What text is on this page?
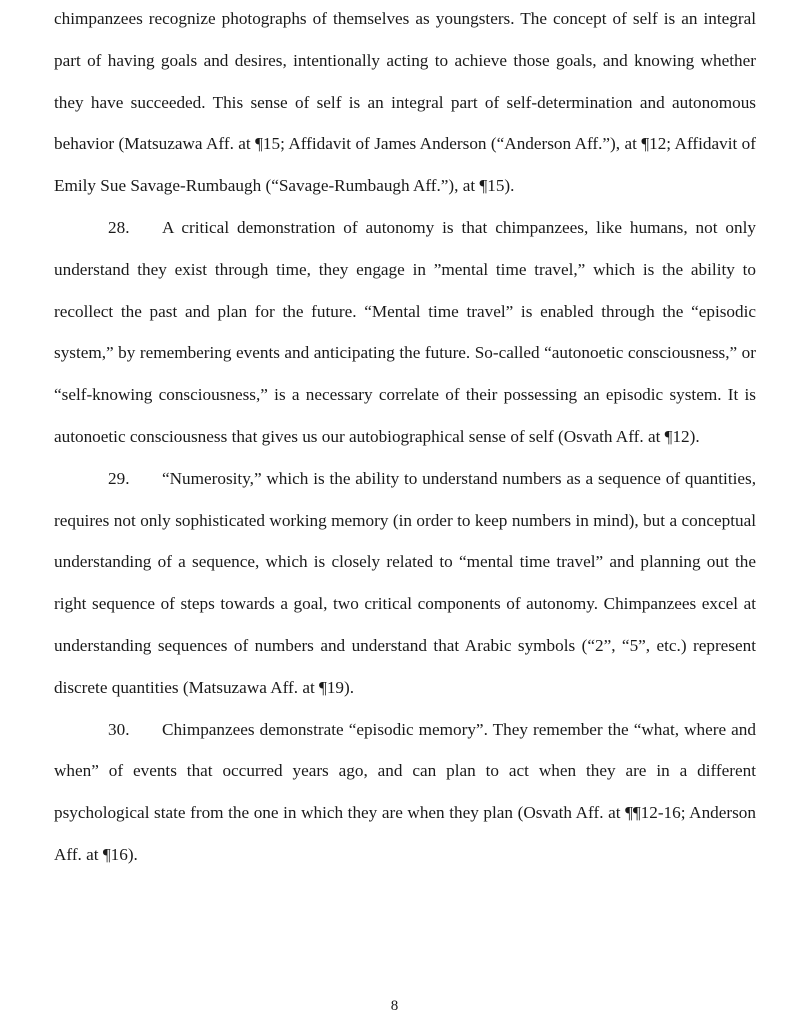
chimpanzees recognize photographs of themselves as youngsters. The concept of self is an integral part of having goals and desires, intentionally acting to achieve those goals, and knowing whether they have succeeded. This sense of self is an integral part of self-determination and autonomous behavior (Matsuzawa Aff. at ¶15; Affidavit of James Anderson (“Anderson Aff.”), at ¶12; Affidavit of Emily Sue Savage-Rumbaugh (“Savage-Rumbaugh Aff.”), at ¶15).

28. A critical demonstration of autonomy is that chimpanzees, like humans, not only understand they exist through time, they engage in ”mental time travel,” which is the ability to recollect the past and plan for the future. “Mental time travel” is enabled through the “episodic system,” by remembering events and anticipating the future. So-called “autonoetic consciousness,” or “self-knowing consciousness,” is a necessary correlate of their possessing an episodic system. It is autonoetic consciousness that gives us our autobiographical sense of self (Osvath Aff. at ¶12).

29. “Numerosity,” which is the ability to understand numbers as a sequence of quantities, requires not only sophisticated working memory (in order to keep numbers in mind), but a conceptual understanding of a sequence, which is closely related to “mental time travel” and planning out the right sequence of steps towards a goal, two critical components of autonomy. Chimpanzees excel at understanding sequences of numbers and understand that Arabic symbols (“2”, “5”, etc.) represent discrete quantities (Matsuzawa Aff. at ¶19).

30. Chimpanzees demonstrate “episodic memory”. They remember the “what, where and when” of events that occurred years ago, and can plan to act when they are in a different psychological state from the one in which they are when they plan (Osvath Aff. at ¶¶12-16; Anderson Aff. at ¶16).

8
